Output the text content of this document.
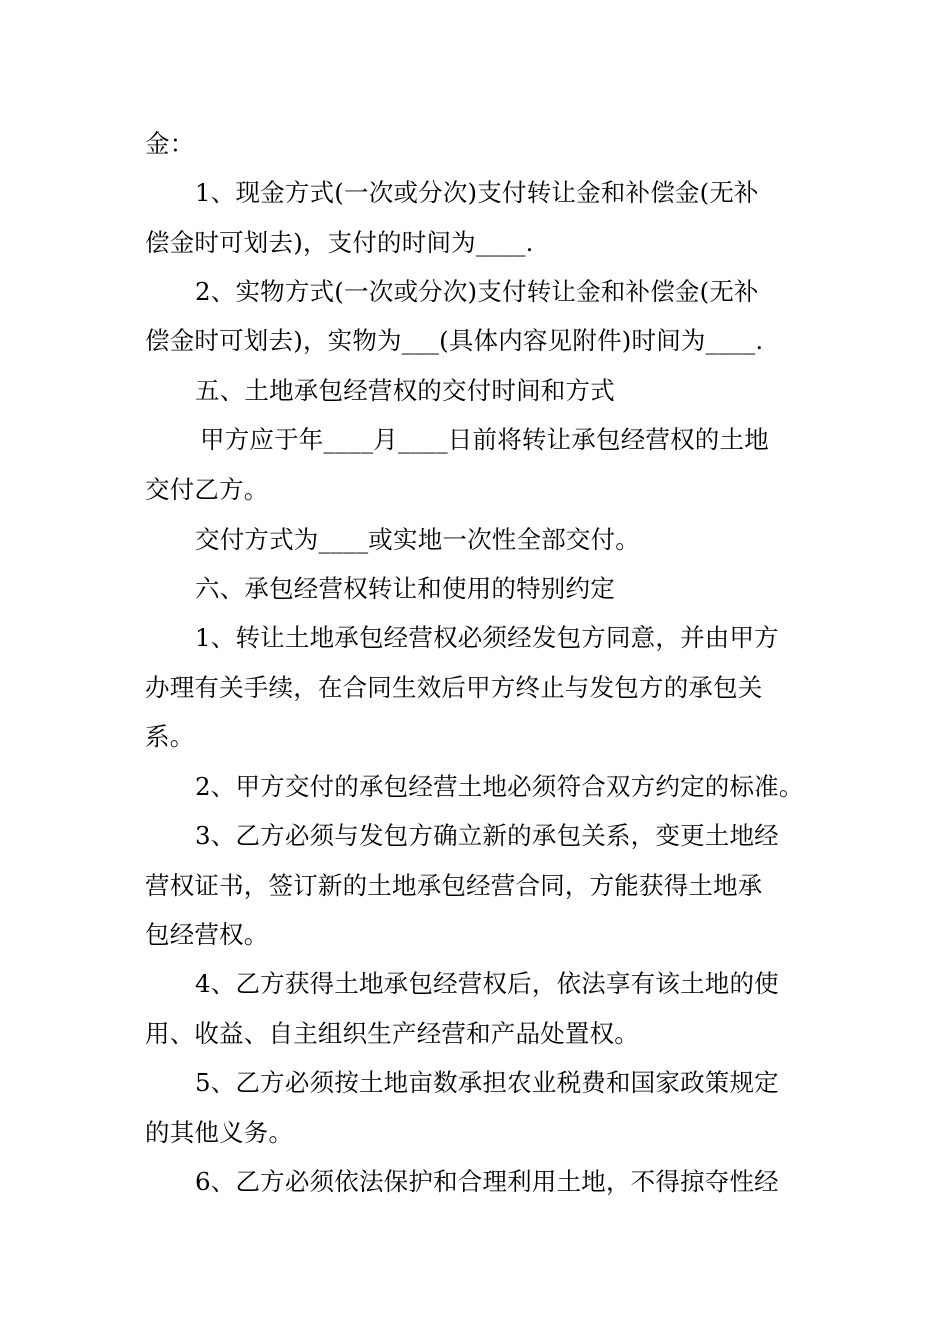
金：
1、现金方式(一次或分次)支付转让金和补偿金(无补
偿金时可划去)，支付的时间为____.
2、实物方式(一次或分次)支付转让金和补偿金(无补
偿金时可划去)，实物为___(具体内容见附件)时间为____.
五、土地承包经营权的交付时间和方式
甲方应于年____月____日前将转让承包经营权的土地
交付乙方。
交付方式为____或实地一次性全部交付。
六、承包经营权转让和使用的特别约定
1、转让土地承包经营权必须经发包方同意，并由甲方
办理有关手续，在合同生效后甲方终止与发包方的承包关
系。
2、甲方交付的承包经营土地必须符合双方约定的标准。
3、乙方必须与发包方确立新的承包关系，变更土地经
营权证书，签订新的土地承包经营合同，方能获得土地承
包经营权。
4、乙方获得土地承包经营权后，依法享有该土地的使
用、收益、自主组织生产经营和产品处置权。
5、乙方必须按土地亩数承担农业税费和国家政策规定
的其他义务。
6、乙方必须依法保护和合理利用土地，不得掠夺性经
